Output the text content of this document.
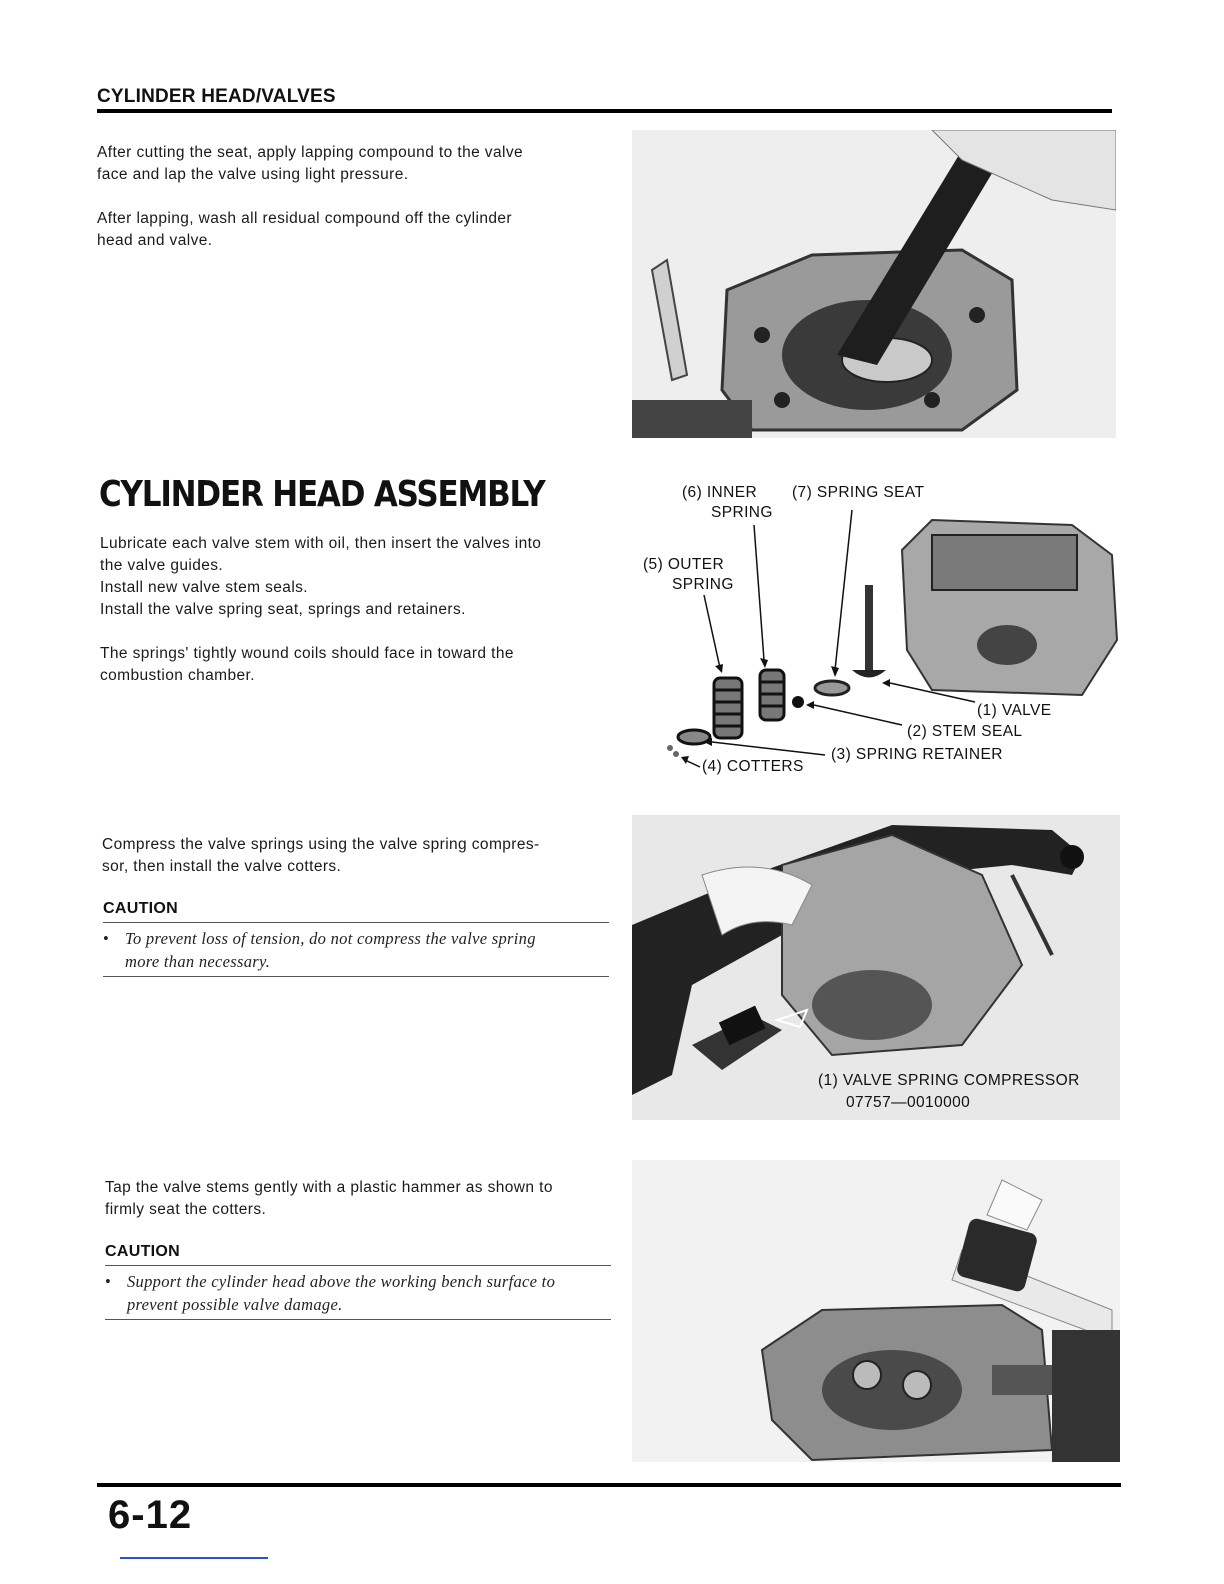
CYLINDER HEAD/VALVES

After cutting the seat, apply lapping compound to the valve
face and lap the valve using light pressure.

After lapping, wash all residual compound off the cylinder
head and valve.

CYLINDER HEAD ASSEMBLY

Lubricate each valve stem with oil, then insert the valves into
the valve guides.
Install new valve stem seals.
Install the valve spring seat, springs and retainers.

The springs' tightly wound coils should face in toward the
combustion chamber.

(6) INNER
SPRING
(7) SPRING SEAT
(5) OUTER
SPRING
(1) VALVE
(2) STEM SEAL
(3) SPRING RETAINER
(4) COTTERS

Compress the valve springs using the valve spring compres-
sor, then install the valve cotters.

CAUTION
• To prevent loss of tension, do not compress the valve spring
more than necessary.
(1) VALVE SPRING COMPRESSOR
07757—0010000

Tap the valve stems gently with a plastic hammer as shown to
firmly seat the cotters.

CAUTION
• Support the cylinder head above the working bench surface to
prevent possible valve damage.
6-12
